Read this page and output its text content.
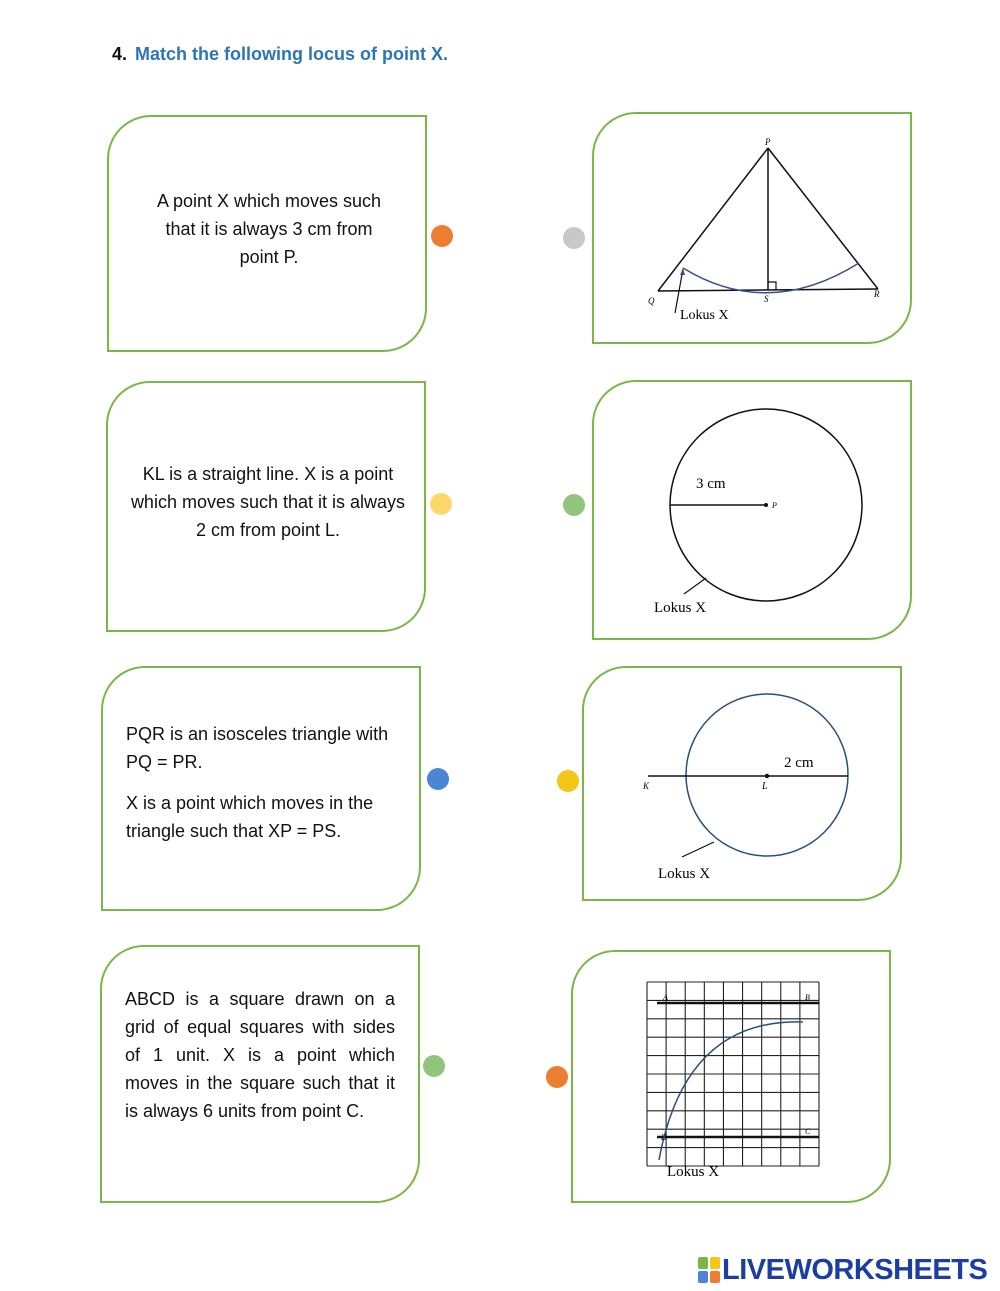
4. Match the following locus of point X.
A point X which moves such that it is always 3 cm from point P.
KL is a straight line. X is a point which moves such that it is always 2 cm from point L.

PQR is an isosceles triangle with PQ = PR.

X is a point which moves in the triangle such that XP = PS.

ABCD is a square drawn on a grid of equal squares with sides of 1 unit. X is a point which moves in the square such that it is always 6 units from point C.
P
Q
R
S
Lokus X
P
3 cm
Lokus X
K	L
2 cm
Lokus X
A	B
C
D
Lokus X
LIVEWORKSHEETS
